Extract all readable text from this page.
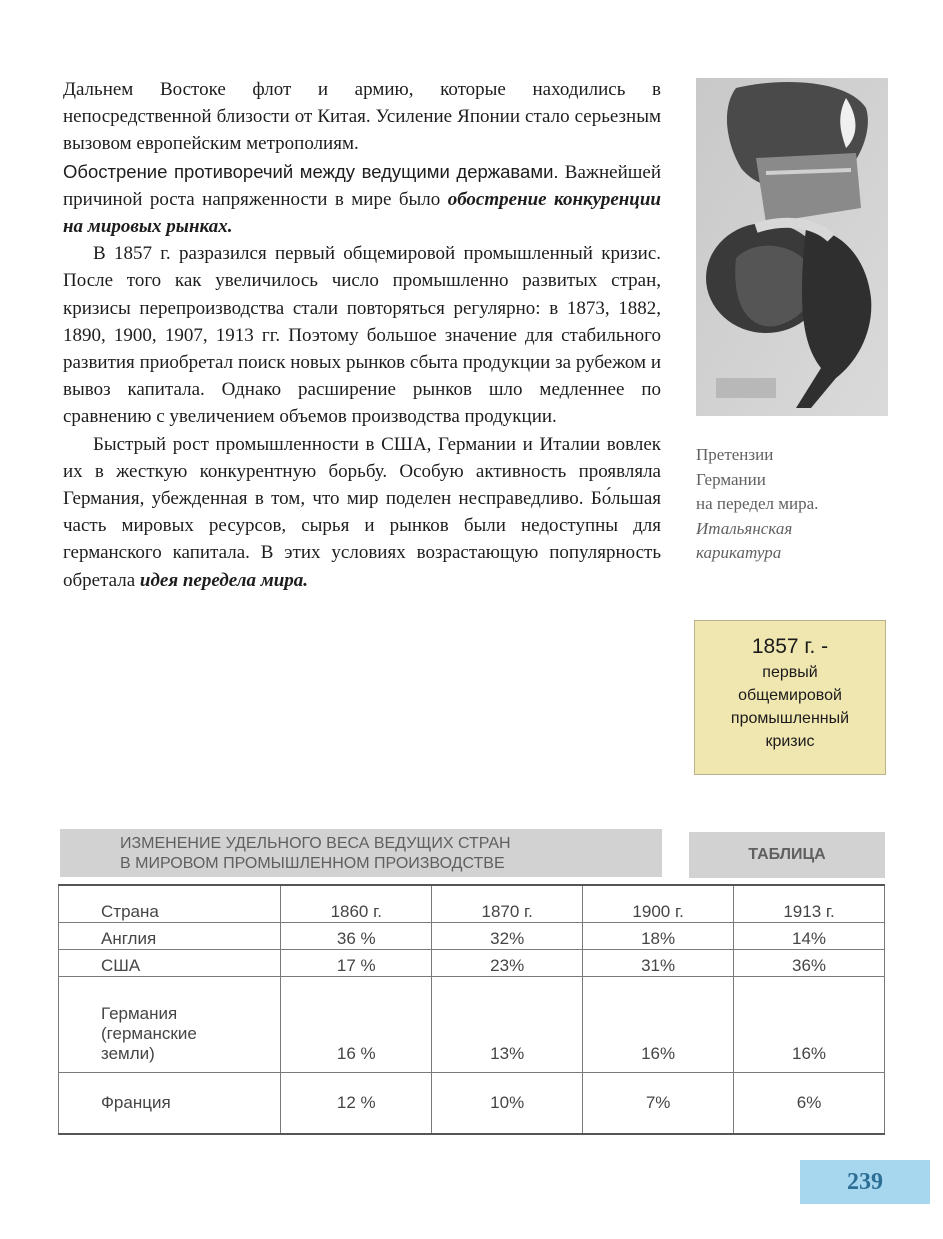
Дальнем Востоке флот и армию, которые находились в непосредственной близости от Китая. Усиление Японии стало серьезным вызовом европейским метрополиям.

Обострение противоречий между ведущими державами. Важнейшей причиной роста напряженности в мире было обострение конкуренции на мировых рынках.

В 1857 г. разразился первый общемировой промышленный кризис. После того как увеличилось число промышленно развитых стран, кризисы перепроизводства стали повторяться регулярно: в 1873, 1882, 1890, 1900, 1907, 1913 гг. Поэтому большое значение для стабильного развития приобретал поиск новых рынков сбыта продукции за рубежом и вывоз капитала. Однако расширение рынков шло медленнее по сравнению с увеличением объемов производства продукции.

Быстрый рост промышленности в США, Германии и Италии вовлек их в жесткую конкурентную борьбу. Особую активность проявляла Германия, убежденная в том, что мир поделен несправедливо. Бо́льшая часть мировых ресурсов, сырья и рынков были недоступны для германского капитала. В этих условиях возрастающую популярность обретала идея передела мира.

Претензии
Германии
на передел мира.
Итальянская
карикатура
1857 г. -
первый
общемировой
промышленный
кризис
ИЗМЕНЕНИЕ УДЕЛЬНОГО ВЕСА ВЕДУЩИХ СТРАН
В МИРОВОМ ПРОМЫШЛЕННОМ ПРОИЗВОДСТВЕ
ТАБЛИЦА
Страна	1860 г.	1870 г.	1900 г.	1913 г.
Англия	36 %	32%	18%	14%
США	17 %	23%	31%	36%

Германия
(германские
земли)	16 %	13%	16%	16%
Франция	12 %	10%	7%	6%
239
